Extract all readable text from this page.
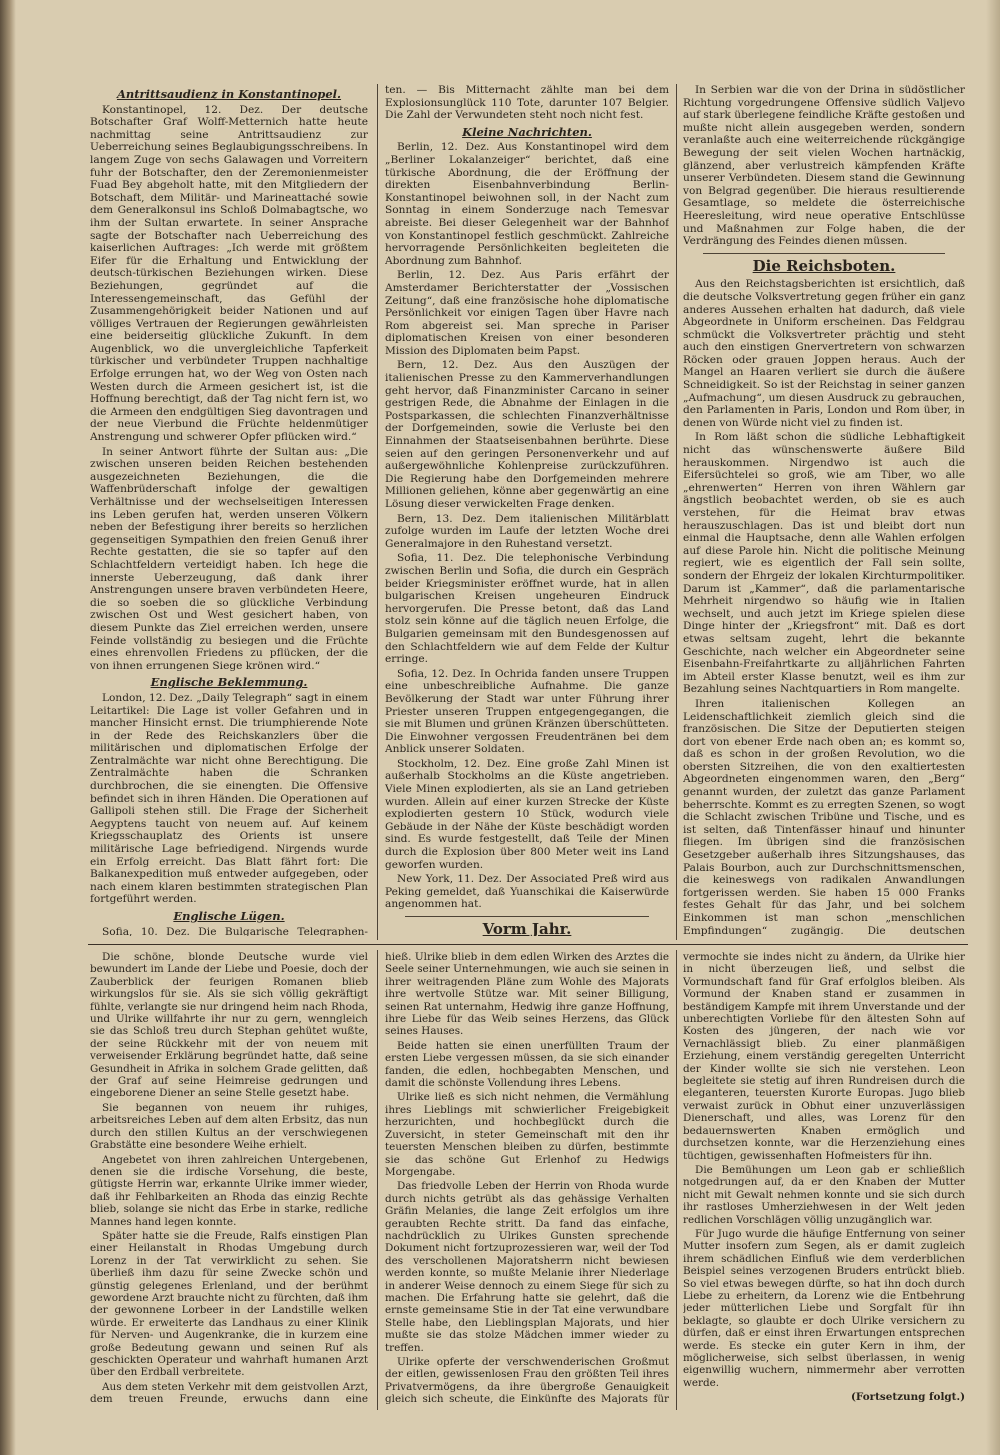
Antrittsaudienz in Konstantinopel.

Konstantinopel, 12. Dez. Der deutsche Botschafter Graf Wolff-Metternich hatte heute nachmittag seine Antrittsaudienz zur Ueberreichung seines Beglaubigungsschreibens. In langem Zuge von sechs Galawagen und Vorreitern fuhr der Botschafter, den der Zeremonienmeister Fuad Bey abgeholt hatte, mit den Mitgliedern der Botschaft, dem Militär- und Marineattaché sowie dem Generalkonsul ins Schloß Dolmabagtsche, wo ihm der Sultan erwartete. In seiner Ansprache sagte der Botschafter nach Ueberreichung des kaiserlichen Auftrages: „Ich werde mit größtem Eifer für die Erhaltung und Entwicklung der deutsch-türkischen Beziehungen wirken. Diese Beziehungen, gegründet auf die Interessengemeinschaft, das Gefühl der Zusammengehörigkeit beider Nationen und auf völliges Vertrauen der Regierungen gewährleisten eine beiderseitig glückliche Zukunft. In dem Augenblick, wo die unvergleichliche Tapferkeit türkischer und verbündeter Truppen nachhaltige Erfolge errungen hat, wo der Weg von Osten nach Westen durch die Armeen gesichert ist, ist die Hoffnung berechtigt, daß der Tag nicht fern ist, wo die Armeen den endgültigen Sieg davontragen und der neue Vierbund die Früchte heldenmütiger Anstrengung und schwerer Opfer pflücken wird.“

In seiner Antwort führte der Sultan aus: „Die zwischen unseren beiden Reichen bestehenden ausgezeichneten Beziehungen, die die Waffenbrüderschaft infolge der gewaltigen Verhältnisse und der wechselseitigen Interessen ins Leben gerufen hat, werden unseren Völkern neben der Befestigung ihrer bereits so herzlichen gegenseitigen Sympathien den freien Genuß ihrer Rechte gestatten, die sie so tapfer auf den Schlachtfeldern verteidigt haben. Ich hege die innerste Ueberzeugung, daß dank ihrer Anstrengungen unsere braven verbündeten Heere, die so soeben die so glückliche Verbindung zwischen Ost und West gesichert haben, von diesem Punkte das Ziel erreichen werden, unsere Feinde vollständig zu besiegen und die Früchte eines ehrenvollen Friedens zu pflücken, der die von ihnen errungenen Siege krönen wird.“

Englische Beklemmung.

London, 12. Dez. „Daily Telegraph“ sagt in einem Leitartikel: Die Lage ist voller Gefahren und in mancher Hinsicht ernst. Die triumphierende Note in der Rede des Reichskanzlers über die militärischen und diplomatischen Erfolge der Zentralmächte war nicht ohne Berechtigung. Die Zentralmächte haben die Schranken durchbrochen, die sie einengten. Die Offensive befindet sich in ihren Händen. Die Operationen auf Gallipoli stehen still. Die Frage der Sicherheit Aegyptens taucht von neuem auf. Auf keinem Kriegsschauplatz des Orients ist unsere militärische Lage befriedigend. Nirgends wurde ein Erfolg erreicht. Das Blatt fährt fort: Die Balkanexpedition muß entweder aufgegeben, oder nach einem klaren bestimmten strategischen Plan fortgeführt werden.

Englische Lügen.

Sofia, 10. Dez. Die Bulgarische Telegraphen-

ten. — Bis Mitternacht zählte man bei dem Explosionsunglück 110 Tote, darunter 107 Belgier. Die Zahl der Verwundeten steht noch nicht fest.

Kleine Nachrichten.

Berlin, 12. Dez. Aus Konstantinopel wird dem „Berliner Lokalanzeiger“ berichtet, daß eine türkische Abordnung, die der Eröffnung der direkten Eisenbahnverbindung Berlin-Konstantinopel beiwohnen soll, in der Nacht zum Sonntag in einem Sonderzuge nach Temesvar abreiste. Bei dieser Gelegenheit war der Bahnhof von Konstantinopel festlich geschmückt. Zahlreiche hervorragende Persönlichkeiten begleiteten die Abordnung zum Bahnhof.

Berlin, 12. Dez. Aus Paris erfährt der Amsterdamer Berichterstatter der „Vossischen Zeitung“, daß eine französische hohe diplomatische Persönlichkeit vor einigen Tagen über Havre nach Rom abgereist sei. Man spreche in Pariser diplomatischen Kreisen von einer besonderen Mission des Diplomaten beim Papst.

Bern, 12. Dez. Aus den Auszügen der italienischen Presse zu den Kammerverhandlungen geht hervor, daß Finanzminister Carcano in seiner gestrigen Rede, die Abnahme der Einlagen in die Postsparkassen, die schlechten Finanzverhältnisse der Dorfgemeinden, sowie die Verluste bei den Einnahmen der Staatseisenbahnen berührte. Diese seien auf den geringen Personenverkehr und auf außergewöhnliche Kohlenpreise zurückzuführen. Die Regierung habe den Dorfgemeinden mehrere Millionen geliehen, könne aber gegenwärtig an eine Lösung dieser verwickelten Frage denken.

Bern, 13. Dez. Dem italienischen Militärblatt zufolge wurden im Laufe der letzten Woche drei Generalmajore in den Ruhestand versetzt.

Sofia, 11. Dez. Die telephonische Verbindung zwischen Berlin und Sofia, die durch ein Gespräch beider Kriegsminister eröffnet wurde, hat in allen bulgarischen Kreisen ungeheuren Eindruck hervorgerufen. Die Presse betont, daß das Land stolz sein könne auf die täglich neuen Erfolge, die Bulgarien gemeinsam mit den Bundesgenossen auf den Schlachtfeldern wie auf dem Felde der Kultur erringe.

Sofia, 12. Dez. In Ochrida fanden unsere Truppen eine unbeschreibliche Aufnahme. Die ganze Bevölkerung der Stadt war unter Führung ihrer Priester unseren Truppen entgegengegangen, die sie mit Blumen und grünen Kränzen überschütteten. Die Einwohner vergossen Freudentränen bei dem Anblick unserer Soldaten.

Stockholm, 12. Dez. Eine große Zahl Minen ist außerhalb Stockholms an die Küste angetrieben. Viele Minen explodierten, als sie an Land getrieben wurden. Allein auf einer kurzen Strecke der Küste explodierten gestern 10 Stück, wodurch viele Gebäude in der Nähe der Küste beschädigt worden sind. Es wurde festgestellt, daß Teile der Minen durch die Explosion über 800 Meter weit ins Land geworfen wurden.

New York, 11. Dez. Der Associated Preß wird aus Peking gemeldet, daß Yuanschikai die Kaiserwürde angenommen hat.

Vorm Jahr.

In Serbien war die von der Drina in südöstlicher Richtung vorgedrungene Offensive südlich Valjevo auf stark überlegene feindliche Kräfte gestoßen und mußte nicht allein ausgegeben werden, sondern veranlaßte auch eine weiterreichende rückgängige Bewegung der seit vielen Wochen hartnäckig, glänzend, aber verlustreich kämpfenden Kräfte unserer Verbündeten. Diesem stand die Gewinnung von Belgrad gegenüber. Die hieraus resultierende Gesamtlage, so meldete die österreichische Heeresleitung, wird neue operative Entschlüsse und Maßnahmen zur Folge haben, die der Verdrängung des Feindes dienen müssen.

Die Reichsboten.

Aus den Reichstagsberichten ist ersichtlich, daß die deutsche Volksvertretung gegen früher ein ganz anderes Aussehen erhalten hat dadurch, daß viele Abgeordnete in Uniform erscheinen. Das Feldgrau schmückt die Volksvertreter prächtig und steht auch den einstigen Gnervertretern von schwarzen Röcken oder grauen Joppen heraus. Auch der Mangel an Haaren verliert sie durch die äußere Schneidigkeit. So ist der Reichstag in seiner ganzen „Aufmachung“, um diesen Ausdruck zu gebrauchen, den Parlamenten in Paris, London und Rom über, in denen von Würde nicht viel zu finden ist.

In Rom läßt schon die südliche Lebhaftigkeit nicht das wünschenswerte äußere Bild herauskommen. Nirgendwo ist auch die Eifersüchtelei so groß, wie am Tiber, wo alle „ehrenwerten“ Herren von ihren Wählern gar ängstlich beobachtet werden, ob sie es auch verstehen, für die Heimat brav etwas herauszuschlagen. Das ist und bleibt dort nun einmal die Hauptsache, denn alle Wahlen erfolgen auf diese Parole hin. Nicht die politische Meinung regiert, wie es eigentlich der Fall sein sollte, sondern der Ehrgeiz der lokalen Kirchturmpolitiker. Darum ist „Kammer“, daß die parlamentarische Mehrheit nirgendwo so häufig wie in Italien wechselt, und auch jetzt im Kriege spielen diese Dinge hinter der „Kriegsfront“ mit. Daß es dort etwas seltsam zugeht, lehrt die bekannte Geschichte, nach welcher ein Abgeordneter seine Eisenbahn-Freifahrtkarte zu alljährlichen Fahrten im Abteil erster Klasse benutzt, weil es ihm zur Bezahlung seines Nachtquartiers in Rom mangelte.

Ihren italienischen Kollegen an Leidenschaftlichkeit ziemlich gleich sind die französischen. Die Sitze der Deputierten steigen dort von ebener Erde nach oben an; es kommt so, daß es schon in der großen Revolution, wo die obersten Sitzreihen, die von den exaltiertesten Abgeordneten eingenommen waren, den „Berg“ genannt wurden, der zuletzt das ganze Parlament beherrschte. Kommt es zu erregten Szenen, so wogt die Schlacht zwischen Tribüne und Tische, und es ist selten, daß Tintenfässer hinauf und hinunter fliegen. Im übrigen sind die französischen Gesetzgeber außerhalb ihres Sitzungshauses, das Palais Bourbon, auch zur Durchschnittsmenschen, die keineswegs von radikalen Anwandlungen fortgerissen werden. Sie haben 15 000 Franks festes Gehalt für das Jahr, und bei solchem Einkommen ist man schon „menschlichen Empfindungen“ zugängig. Die deutschen

Die schöne, blonde Deutsche wurde viel bewundert im Lande der Liebe und Poesie, doch der Zauberblick der feurigen Romanen blieb wirkungslos für sie. Als sie sich völlig gekräftigt fühlte, verlangte sie nur dringend heim nach Rhoda, und Ulrike willfahrte ihr nur zu gern, wenngleich sie das Schloß treu durch Stephan gehütet wußte, der seine Rückkehr mit der von neuem mit verweisender Erklärung begründet hatte, daß seine Gesundheit in Afrika in solchem Grade gelitten, daß der Graf auf seine Heimreise gedrungen und eingeborene Diener an seine Stelle gesetzt habe.

Sie begannen von neuem ihr ruhiges, arbeitsreiches Leben auf dem alten Erbsitz, das nun durch den stillen Kultus an der verschwiegenen Grabstätte eine besondere Weihe erhielt.

Angebetet von ihren zahlreichen Untergebenen, denen sie die irdische Vorsehung, die beste, gütigste Herrin war, erkannte Ulrike immer wieder, daß ihr Fehlbarkeiten an Rhoda das einzig Rechte blieb, solange sie nicht das Erbe in starke, redliche Mannes hand legen konnte.

Später hatte sie die Freude, Ralfs einstigen Plan einer Heilanstalt in Rhodas Umgebung durch Lorenz in der Tat verwirklicht zu sehen. Sie überließ ihm dazu für seine Zwecke schön und günstig gelegenes Erlenland, und der berühmt gewordene Arzt brauchte nicht zu fürchten, daß ihm der gewonnene Lorbeer in der Landstille welken würde. Er erweiterte das Landhaus zu einer Klinik für Nerven- und Augenkranke, die in kurzem eine große Bedeutung gewann und seinen Ruf als geschickten Operateur und wahrhaft humanen Arzt über den Erdball verbreitete.

Aus dem steten Verkehr mit dem geistvollen Arzt, dem treuen Freunde, erwuchs dann eine

hieß. Ulrike blieb in dem edlen Wirken des Arztes die Seele seiner Unternehmungen, wie auch sie seinen in ihrer weitragenden Pläne zum Wohle des Majorats ihre wertvolle Stütze war. Mit seiner Billigung, seinen Rat unternahm, Hedwig ihre ganze Hoffnung, ihre Liebe für das Weib seines Herzens, das Glück seines Hauses.

Beide hatten sie einen unerfüllten Traum der ersten Liebe vergessen müssen, da sie sich einander fanden, die edlen, hochbegabten Menschen, und damit die schönste Vollendung ihres Lebens.

Ulrike ließ es sich nicht nehmen, die Vermählung ihres Lieblings mit schwierlicher Freigebigkeit herzurichten, und hochbeglückt durch die Zuversicht, in steter Gemeinschaft mit den ihr teuersten Menschen bleiben zu dürfen, bestimmte sie das schöne Gut Erlenhof zu Hedwigs Morgengabe.

Das friedvolle Leben der Herrin von Rhoda wurde durch nichts getrübt als das gehässige Verhalten Gräfin Melanies, die lange Zeit erfolglos um ihre geraubten Rechte stritt. Da fand das einfache, nachdrücklich zu Ulrikes Gunsten sprechende Dokument nicht fortzuprozessieren war, weil der Tod des verschollenen Majoratsherrn nicht bewiesen werden konnte, so mußte Melanie ihrer Niederlage in anderer Weise dennoch zu einem Siege für sich zu machen. Die Erfahrung hatte sie gelehrt, daß die ernste gemeinsame Stie in der Tat eine verwundbare Stelle habe, den Lieblingsplan Majorats, und hier mußte sie das stolze Mädchen immer wieder zu treffen.

Ulrike opferte der verschwenderischen Großmut der eitlen, gewissenlosen Frau den größten Teil ihres Privatvermögens, da ihre übergroße Genauigkeit gleich sich scheute, die Einkünfte des Majorats für

vermochte sie indes nicht zu ändern, da Ulrike hier in nicht überzeugen ließ, und selbst die Vormundschaft fand für Graf erfolglos bleiben. Als Vormund der Knaben stand er zusammen in beständigem Kampfe mit ihrem Unverstande und der unberechtigten Vorliebe für den ältesten Sohn auf Kosten des jüngeren, der nach wie vor Vernachlässigt blieb. Zu einer planmäßigen Erziehung, einem verständig geregelten Unterricht der Kinder wollte sie sich nie verstehen. Leon begleitete sie stetig auf ihren Rundreisen durch die eleganteren, teuersten Kurorte Europas. Jugo blieb verwaist zurück in Obhut einer unzuverlässigen Dienerschaft, und alles, was Lorenz für den bedauernswerten Knaben ermöglich und durchsetzen konnte, war die Herzenziehung eines tüchtigen, gewissenhaften Hofmeisters für ihn.

Die Bemühungen um Leon gab er schließlich notgedrungen auf, da er den Knaben der Mutter nicht mit Gewalt nehmen konnte und sie sich durch ihr rastloses Umherziehwesen in der Welt jeden redlichen Vorschlägen völlig unzugänglich war.

Für Jugo wurde die häufige Entfernung von seiner Mutter insofern zum Segen, als er damit zugleich ihrem schädlichen Einfluß wie dem verderblichen Beispiel seines verzogenen Bruders entrückt blieb. So viel etwas bewegen dürfte, so hat ihn doch durch Liebe zu erheitern, da Lorenz wie die Entbehrung jeder mütterlichen Liebe und Sorgfalt für ihn beklagte, so glaubte er doch Ulrike versichern zu dürfen, daß er einst ihren Erwartungen entsprechen werde. Es stecke ein guter Kern in ihm, der möglicherweise, sich selbst überlassen, in wenig eigenwillig wuchern, nimmermehr aber verrotten werde.

(Fortsetzung folgt.)
